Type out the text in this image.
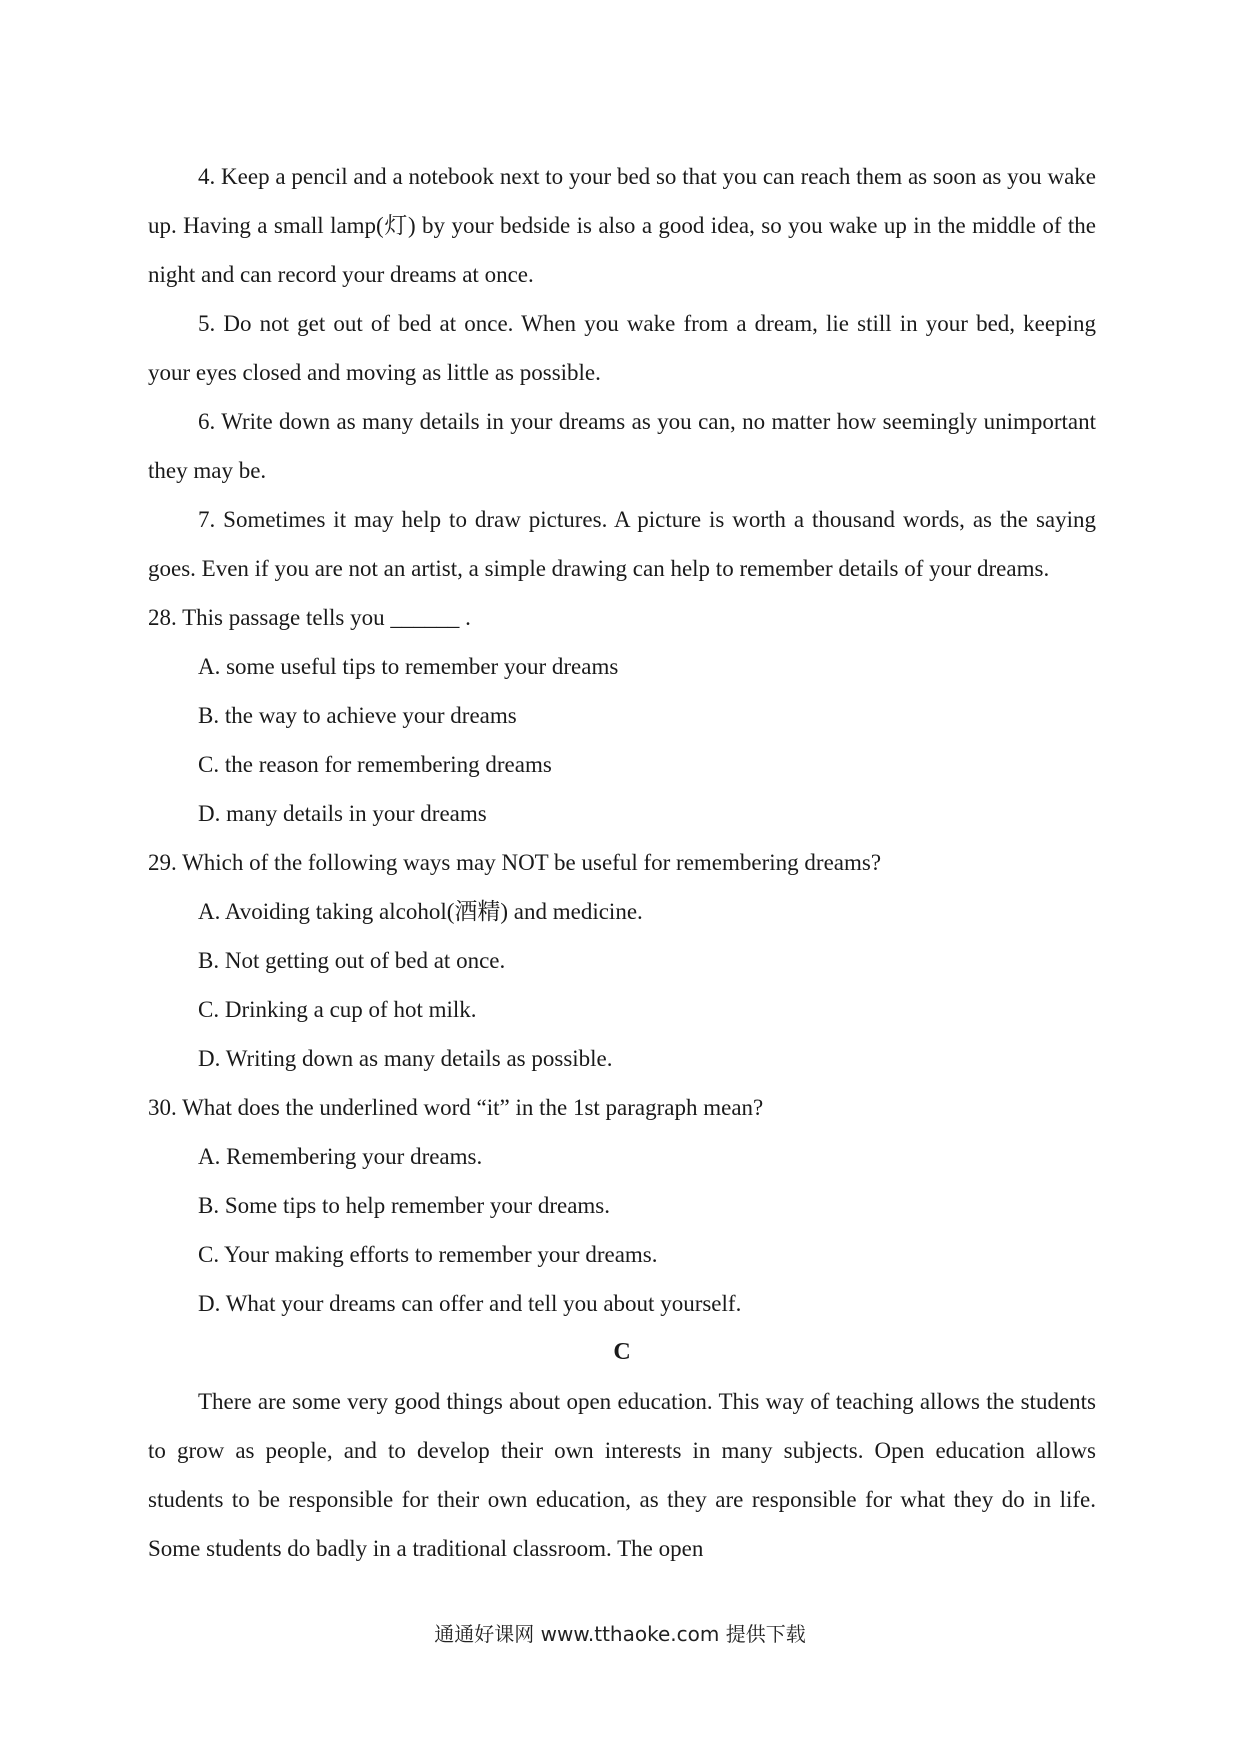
4. Keep a pencil and a notebook next to your bed so that you can reach them as soon as you wake up. Having a small lamp(灯) by your bedside is also a good idea, so you wake up in the middle of the night and can record your dreams at once.

5. Do not get out of bed at once. When you wake from a dream, lie still in your bed, keeping your eyes closed and moving as little as possible.

6. Write down as many details in your dreams as you can, no matter how seemingly unimportant they may be.

7. Sometimes it may help to draw pictures. A picture is worth a thousand words, as the saying goes. Even if you are not an artist, a simple drawing can help to remember details of your dreams.

28. This passage tells you ______ .

A. some useful tips to remember your dreams

B. the way to achieve your dreams

C. the reason for remembering dreams

D. many details in your dreams

29. Which of the following ways may NOT be useful for remembering dreams?

A. Avoiding taking alcohol(酒精) and medicine.

B. Not getting out of bed at once.

C. Drinking a cup of hot milk.

D. Writing down as many details as possible.

30. What does the underlined word “it” in the 1st paragraph mean?

A. Remembering your dreams.

B. Some tips to help remember your dreams.

C. Your making efforts to remember your dreams.

D. What your dreams can offer and tell you about yourself.

C

There are some very good things about open education. This way of teaching allows the students to grow as people, and to develop their own interests in many subjects. Open education allows students to be responsible for their own education, as they are responsible for what they do in life. Some students do badly in a traditional classroom. The open

通通好课网 www.tthaoke.com 提供下载
